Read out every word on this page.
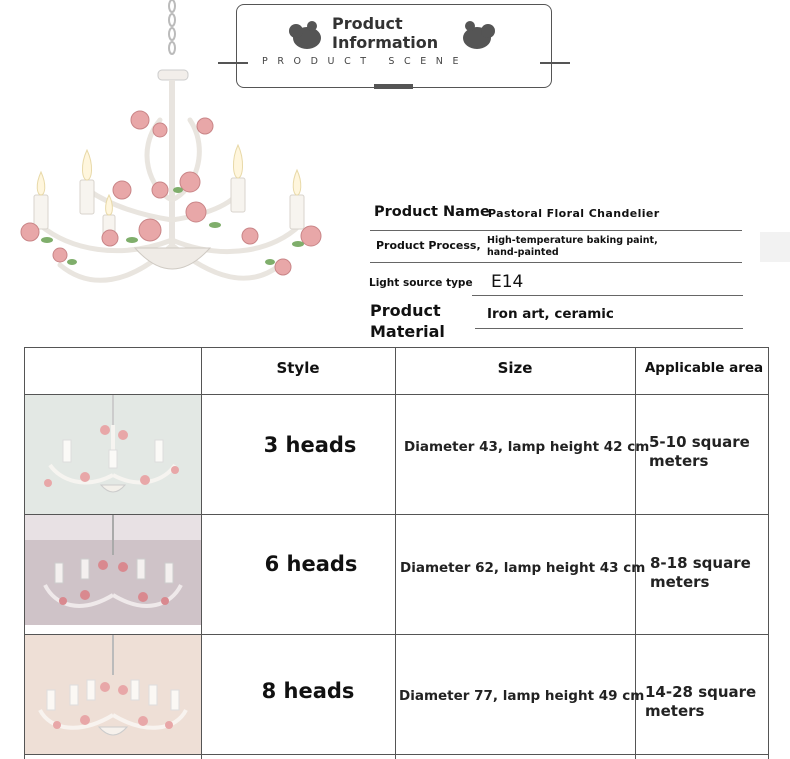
Product Information
PRODUCT SCENE
Product Name
Pastoral Floral Chandelier
Product Process, High-temperature baking paint, hand-painted
Light source type E14
Product Material
Iron art, ceramic
Style	Size	Applicable area
3 heads	Diameter 43, lamp height 42 cm 5-10 square meters
6 heads	Diameter 62, lamp height 43 cm 8-18 square meters
8 heads	Diameter 77, lamp height 49 cm 14-28 square meters
